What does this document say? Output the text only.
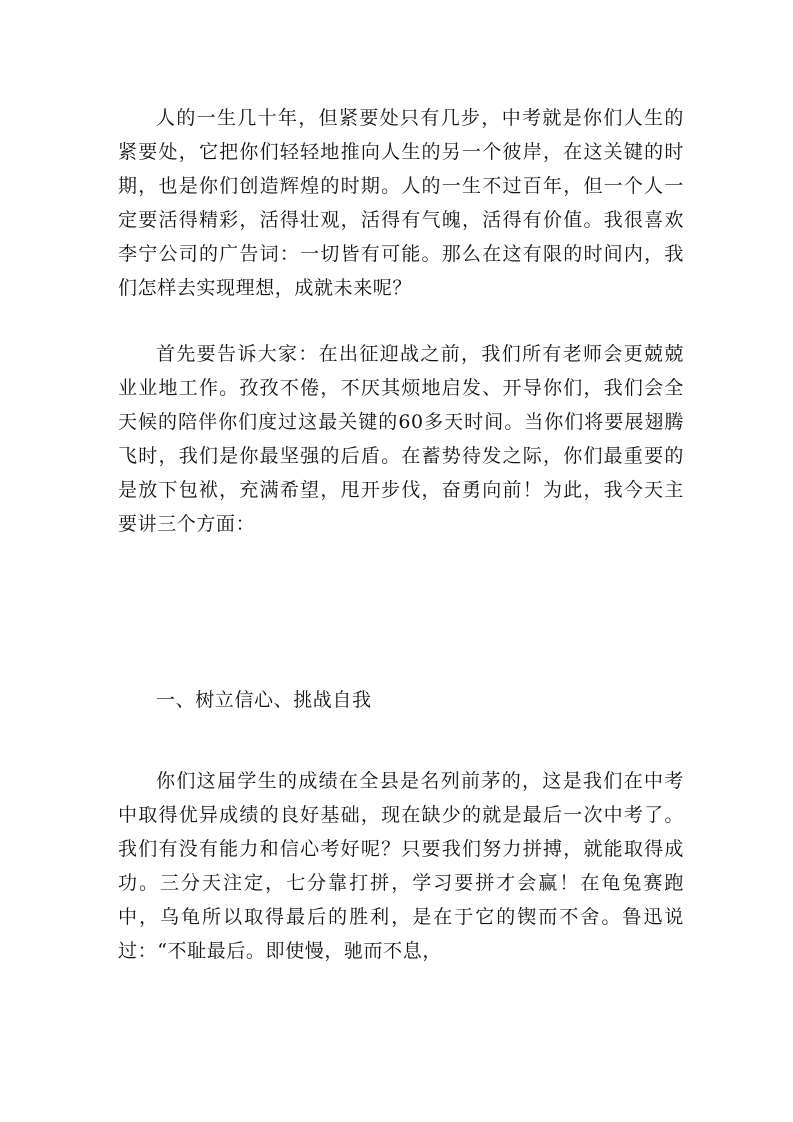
人的一生几十年，但紧要处只有几步，中考就是你们人生的紧要处，它把你们轻轻地推向人生的另一个彼岸，在这关键的时期，也是你们创造辉煌的时期。人的一生不过百年，但一个人一定要活得精彩，活得壮观，活得有气魄，活得有价值。我很喜欢李宁公司的广告词：一切皆有可能。那么在这有限的时间内，我们怎样去实现理想，成就未来呢？

首先要告诉大家：在出征迎战之前，我们所有老师会更兢兢业业地工作。孜孜不倦，不厌其烦地启发、开导你们，我们会全天候的陪伴你们度过这最关键的60多天时间。当你们将要展翅腾飞时，我们是你最坚强的后盾。在蓄势待发之际，你们最重要的是放下包袱，充满希望，甩开步伐，奋勇向前！为此，我今天主要讲三个方面：

一、树立信心、挑战自我

你们这届学生的成绩在全县是名列前茅的，这是我们在中考中取得优异成绩的良好基础，现在缺少的就是最后一次中考了。我们有没有能力和信心考好呢？只要我们努力拼搏，就能取得成功。三分天注定，七分靠打拼，学习要拼才会赢！在龟兔赛跑中，乌龟所以取得最后的胜利，是在于它的锲而不舍。鲁迅说过：“不耻最后。即使慢，驰而不息，
